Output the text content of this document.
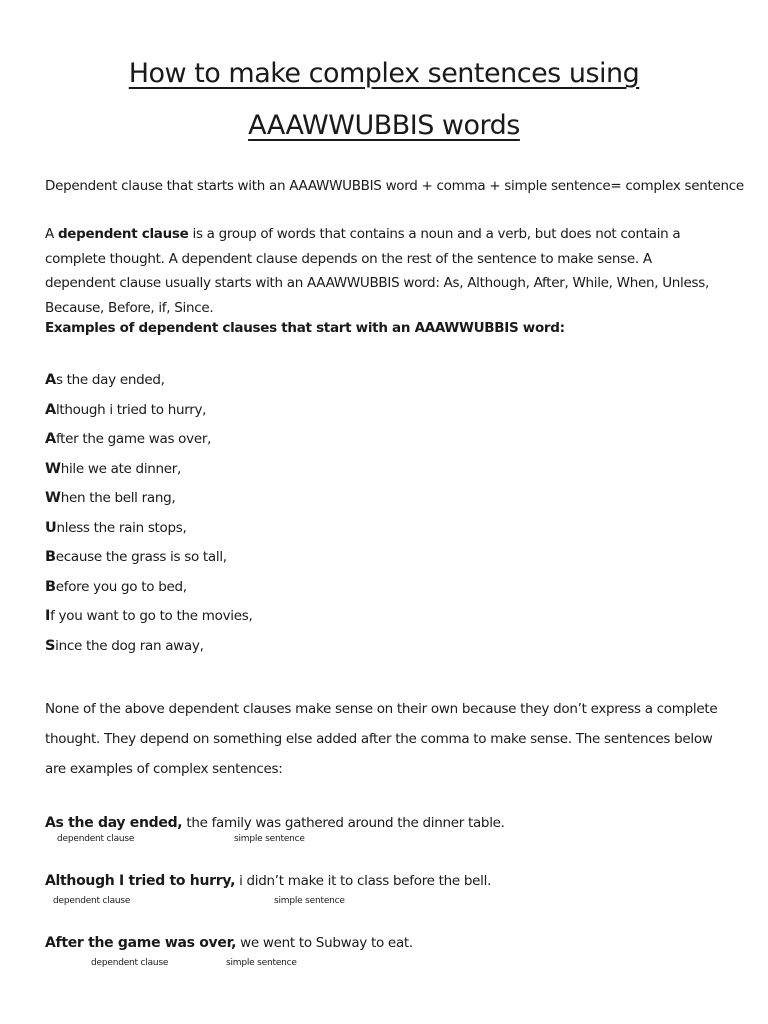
How to make complex sentences using
AAAWWUBBIS words
Dependent clause that starts with an AAAWWUBBIS word + comma + simple sentence= complex sentence
A dependent clause is a group of words that contains a noun and a verb, but does not contain a complete thought. A dependent clause depends on the rest of the sentence to make sense. A dependent clause usually starts with an AAAWWUBBIS word: As, Although, After, While, When, Unless, Because, Before, if, Since.
Examples of dependent clauses that start with an AAAWWUBBIS word:
As the day ended,
Although i tried to hurry,
After the game was over,
While we ate dinner,
When the bell rang,
Unless the rain stops,
Because the grass is so tall,
Before you go to bed,
If you want to go to the movies,
Since the dog ran away,
None of the above dependent clauses make sense on their own because they don’t express a complete thought. They depend on something else added after the comma to make sense. The sentences below are examples of complex sentences:
As the day ended, the family was gathered around the dinner table.
dependent clause	simple sentence
Although I tried to hurry, i didn’t make it to class before the bell.
dependent clause	simple sentence
After the game was over, we went to Subway to eat.
dependent clause	simple sentence
